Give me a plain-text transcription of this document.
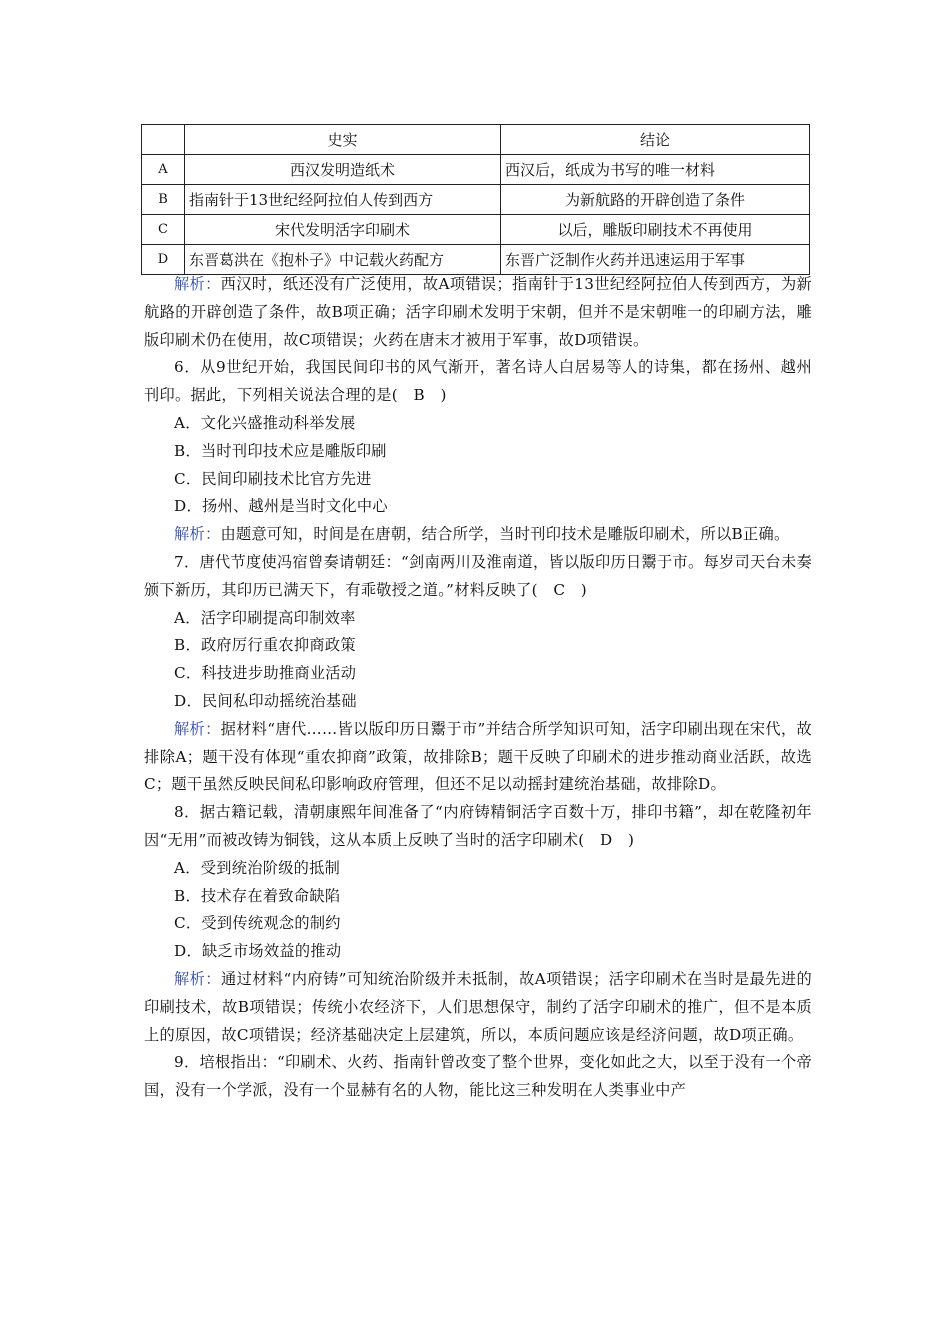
	史实	结论
A	西汉发明造纸术	西汉后，纸成为书写的唯一材料
B	指南针于13世纪经阿拉伯人传到西方	为新航路的开辟创造了条件
C	宋代发明活字印刷术	以后，雕版印刷技术不再使用
D	东晋葛洪在《抱朴子》中记载火药配方	东晋广泛制作火药并迅速运用于军事

解析：西汉时，纸还没有广泛使用，故A项错误；指南针于13世纪经阿拉伯人传到西方，为新航路的开辟创造了条件，故B项正确；活字印刷术发明于宋朝，但并不是宋朝唯一的印刷方法，雕版印刷术仍在使用，故C项错误；火药在唐末才被用于军事，故D项错误。

6．从9世纪开始，我国民间印书的风气渐开，著名诗人白居易等人的诗集，都在扬州、越州刊印。据此，下列相关说法合理的是(　B　)

A．文化兴盛推动科举发展

B．当时刊印技术应是雕版印刷

C．民间印刷技术比官方先进

D．扬州、越州是当时文化中心

解析：由题意可知，时间是在唐朝，结合所学，当时刊印技术是雕版印刷术，所以B正确。

7．唐代节度使冯宿曾奏请朝廷：“剑南两川及淮南道，皆以版印历日鬻于市。每岁司天台未奏颁下新历，其印历已满天下，有乖敬授之道。”材料反映了(　C　)

A．活字印刷提高印制效率

B．政府厉行重农抑商政策

C．科技进步助推商业活动

D．民间私印动摇统治基础

解析：据材料“唐代……皆以版印历日鬻于市”并结合所学知识可知，活字印刷出现在宋代，故排除A；题干没有体现“重农抑商”政策，故排除B；题干反映了印刷术的进步推动商业活跃，故选C；题干虽然反映民间私印影响政府管理，但还不足以动摇封建统治基础，故排除D。

8．据古籍记载，清朝康熙年间准备了“内府铸精铜活字百数十万，排印书籍”，却在乾隆初年因“无用”而被改铸为铜钱，这从本质上反映了当时的活字印刷术(　D　)

A．受到统治阶级的抵制

B．技术存在着致命缺陷

C．受到传统观念的制约

D．缺乏市场效益的推动

解析：通过材料“内府铸”可知统治阶级并未抵制，故A项错误；活字印刷术在当时是最先进的印刷技术，故B项错误；传统小农经济下，人们思想保守，制约了活字印刷术的推广，但不是本质上的原因，故C项错误；经济基础决定上层建筑，所以，本质问题应该是经济问题，故D项正确。

9．培根指出：“印刷术、火药、指南针曾改变了整个世界，变化如此之大，以至于没有一个帝国，没有一个学派，没有一个显赫有名的人物，能比这三种发明在人类事业中产
